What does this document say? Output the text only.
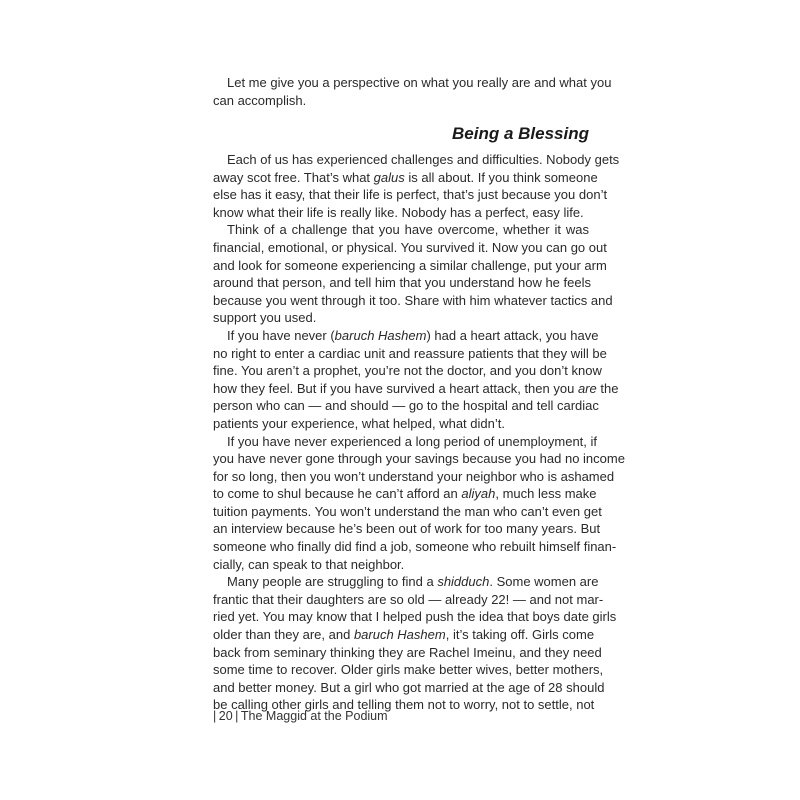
Let me give you a perspective on what you really are and what you
can accomplish.
Being a Blessing
Each of us has experienced challenges and difficulties. Nobody gets
away scot free. That’s what galus is all about. If you think someone
else has it easy, that their life is perfect, that’s just because you don’t
know what their life is really like. Nobody has a perfect, easy life.
Think of a challenge that you have overcome, whether it was
financial, emotional, or physical. You survived it. Now you can go out
and look for someone experiencing a similar challenge, put your arm
around that person, and tell him that you understand how he feels
because you went through it too. Share with him whatever tactics and
support you used.
If you have never (baruch Hashem) had a heart attack, you have
no right to enter a cardiac unit and reassure patients that they will be
fine. You aren’t a prophet, you’re not the doctor, and you don’t know
how they feel. But if you have survived a heart attack, then you are the
person who can — and should — go to the hospital and tell cardiac
patients your experience, what helped, what didn’t.
If you have never experienced a long period of unemployment, if
you have never gone through your savings because you had no income
for so long, then you won’t understand your neighbor who is ashamed
to come to shul because he can’t afford an aliyah, much less make
tuition payments. You won’t understand the man who can’t even get
an interview because he’s been out of work for too many years. But
someone who finally did find a job, someone who rebuilt himself finan-
cially, can speak to that neighbor.
Many people are struggling to find a shidduch. Some women are
frantic that their daughters are so old — already 22! — and not mar-
ried yet. You may know that I helped push the idea that boys date girls
older than they are, and baruch Hashem, it’s taking off. Girls come
back from seminary thinking they are Rachel Imeinu, and they need
some time to recover. Older girls make better wives, better mothers,
and better money. But a girl who got married at the age of 28 should
be calling other girls and telling them not to worry, not to settle, not
| 20 | The Maggid at the Podium
